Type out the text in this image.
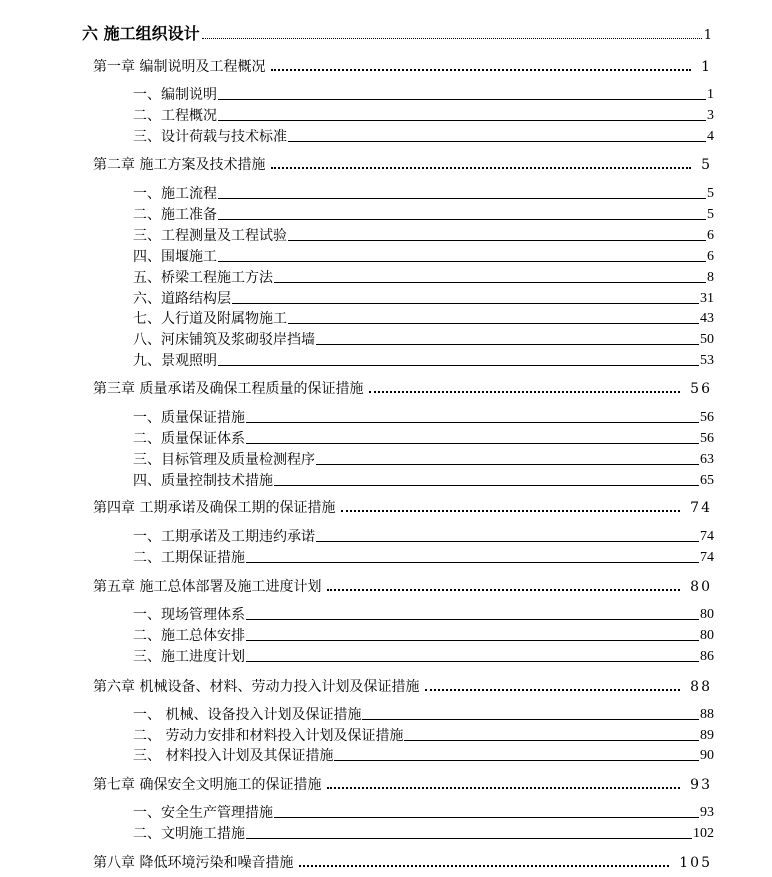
六 施工组织设计	1
第一章 编制说明及工程概况	1
一、编制说明	1
二、工程概况	3
三、设计荷载与技术标准	4
第二章 施工方案及技术措施	5
一、施工流程	5
二、施工准备	5
三、工程测量及工程试验	6
四、围堰施工	6
五、桥梁工程施工方法	8
六、道路结构层	31
七、人行道及附属物施工	43
八、河床铺筑及浆砌驳岸挡墙	50
九、景观照明	53
第三章 质量承诺及确保工程质量的保证措施	56
一、质量保证措施	56
二、质量保证体系	56
三、目标管理及质量检测程序	63
四、质量控制技术措施	65
第四章 工期承诺及确保工期的保证措施	74
一、工期承诺及工期违约承诺	74
二、工期保证措施	74
第五章 施工总体部署及施工进度计划	80
一、现场管理体系	80
二、施工总体安排	80
三、施工进度计划	86
第六章 机械设备、材料、劳动力投入计划及保证措施	88
一、 机械、设备投入计划及保证措施	88
二、 劳动力安排和材料投入计划及保证措施	89
三、 材料投入计划及其保证措施	90
第七章 确保安全文明施工的保证措施	93
一、安全生产管理措施	93
二、文明施工措施	102
第八章 降低环境污染和噪音措施	105
